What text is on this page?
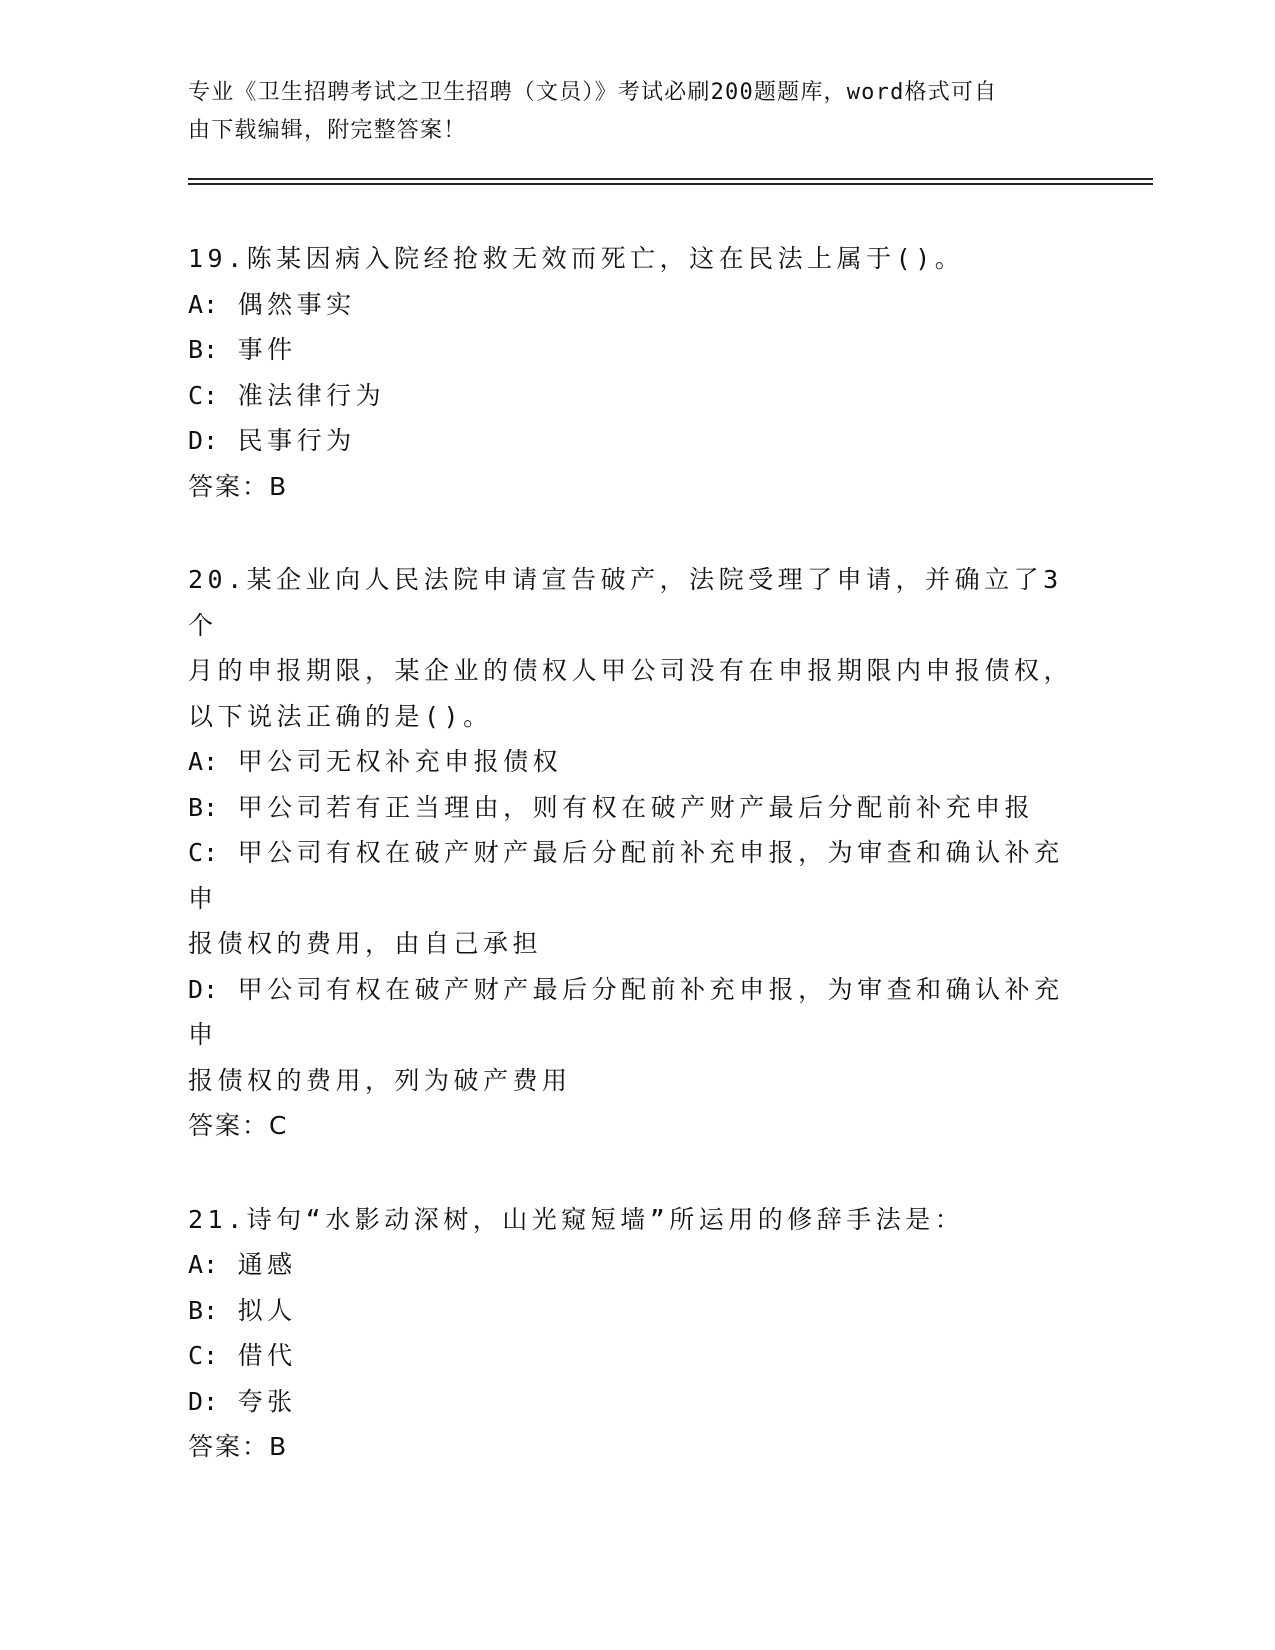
专业《卫生招聘考试之卫生招聘（文员）》考试必刷200题题库，word格式可自
由下载编辑，附完整答案！
19.陈某因病入院经抢救无效而死亡，这在民法上属于()。
A: 偶然事实
B: 事件
C: 准法律行为
D: 民事行为
答案：B
20.某企业向人民法院申请宣告破产，法院受理了申请，并确立了3个
月的申报期限，某企业的债权人甲公司没有在申报期限内申报债权，
以下说法正确的是()。
A: 甲公司无权补充申报债权
B: 甲公司若有正当理由，则有权在破产财产最后分配前补充申报
C: 甲公司有权在破产财产最后分配前补充申报，为审查和确认补充申
报债权的费用，由自己承担
D: 甲公司有权在破产财产最后分配前补充申报，为审查和确认补充申
报债权的费用，列为破产费用
答案：C
21.诗句“水影动深树，山光窥短墙”所运用的修辞手法是：
A: 通感
B: 拟人
C: 借代
D: 夸张
答案：B
